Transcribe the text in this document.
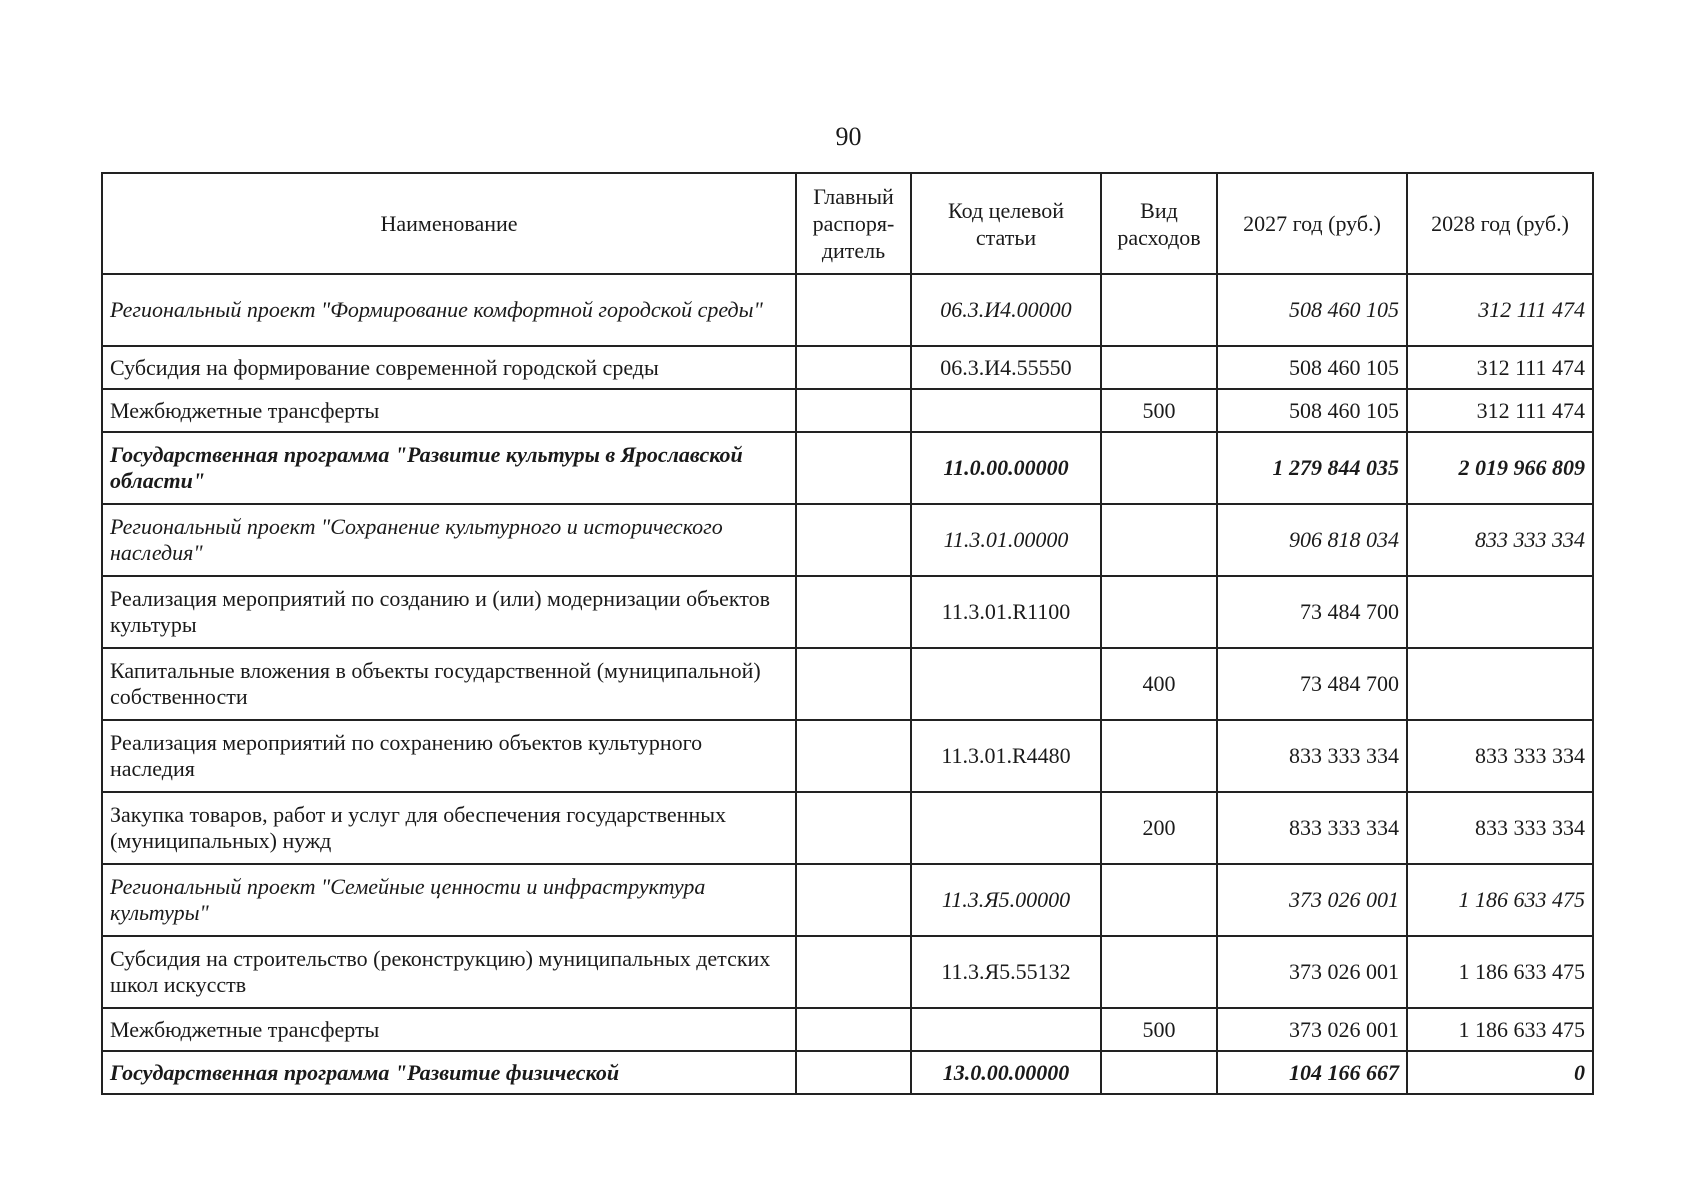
90
Наименование	Главный распоря-дитель	Код целевой статьи	Вид расходов	2027 год (руб.)	2028 год (руб.)
Региональный проект "Формирование комфортной городской среды"		06.3.И4.00000		508 460 105	312 111 474
Субсидия на формирование современной городской среды		06.3.И4.55550		508 460 105	312 111 474
Межбюджетные трансферты			500	508 460 105	312 111 474
Государственная программа "Развитие культуры в Ярославской области"		11.0.00.00000		1 279 844 035	2 019 966 809
Региональный проект "Сохранение культурного и исторического наследия"		11.3.01.00000		906 818 034	833 333 334
Реализация мероприятий по созданию и (или) модернизации объектов культуры		11.3.01.R1100		73 484 700	
Капитальные вложения в объекты государственной (муниципальной) собственности			400	73 484 700	
Реализация мероприятий по сохранению объектов культурного наследия		11.3.01.R4480		833 333 334	833 333 334
Закупка товаров, работ и услуг для обеспечения государственных (муниципальных) нужд			200	833 333 334	833 333 334
Региональный проект "Семейные ценности и инфраструктура культуры"		11.3.Я5.00000		373 026 001	1 186 633 475
Субсидия на строительство (реконструкцию) муниципальных детских школ искусств		11.3.Я5.55132		373 026 001	1 186 633 475
Межбюджетные трансферты			500	373 026 001	1 186 633 475
Государственная программа "Развитие физической		13.0.00.00000		104 166 667	0
